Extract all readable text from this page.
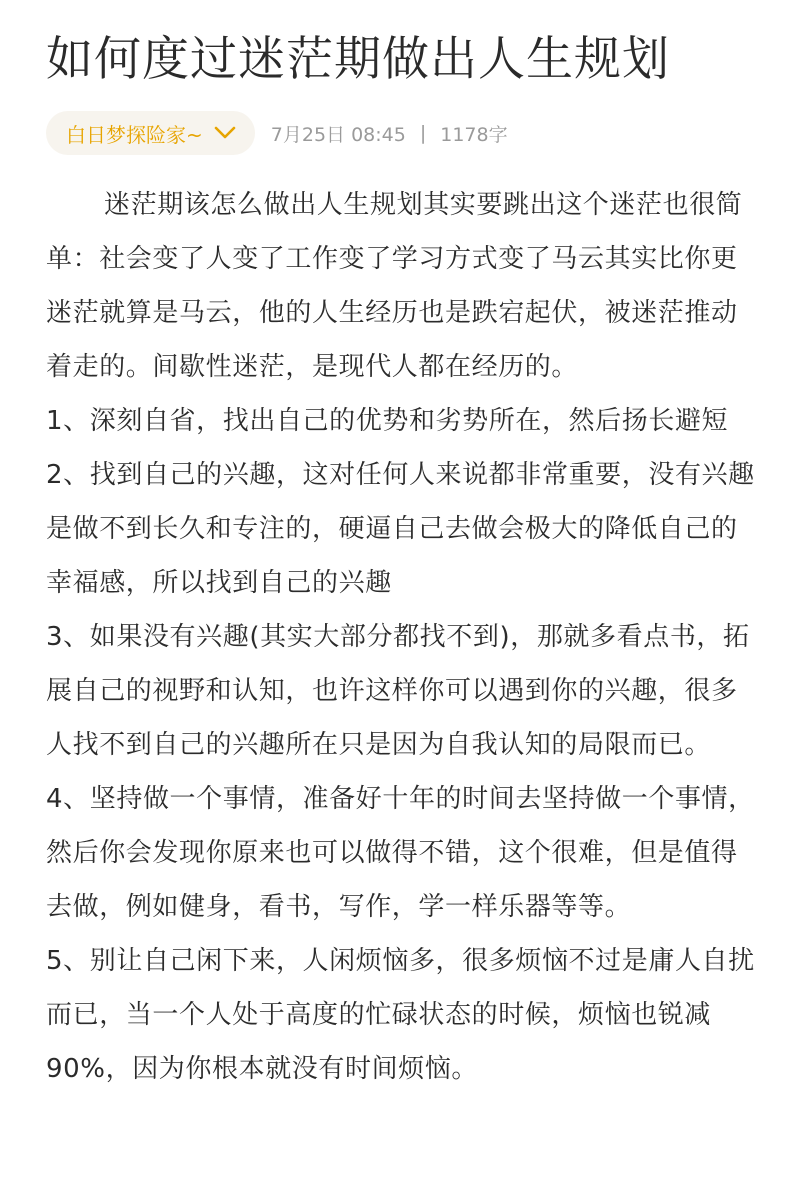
如何度过迷茫期做出人生规划
白日梦探险家~	7月25日 08:45 | 1178字

迷茫期该怎么做出人生规划其实要跳出这个迷茫也很简单：社会变了人变了工作变了学习方式变了马云其实比你更迷茫就算是马云，他的人生经历也是跌宕起伏，被迷茫推动着走的。间歇性迷茫，是现代人都在经历的。

1、深刻自省，找出自己的优势和劣势所在，然后扬长避短

2、找到自己的兴趣，这对任何人来说都非常重要，没有兴趣是做不到长久和专注的，硬逼自己去做会极大的降低自己的幸福感，所以找到自己的兴趣

3、如果没有兴趣(其实大部分都找不到)，那就多看点书，拓展自己的视野和认知，也许这样你可以遇到你的兴趣，很多人找不到自己的兴趣所在只是因为自我认知的局限而已。

4、坚持做一个事情，准备好十年的时间去坚持做一个事情，然后你会发现你原来也可以做得不错，这个很难，但是值得去做，例如健身，看书，写作，学一样乐器等等。

5、别让自己闲下来，人闲烦恼多，很多烦恼不过是庸人自扰而已，当一个人处于高度的忙碌状态的时候，烦恼也锐减90%，因为你根本就没有时间烦恼。
